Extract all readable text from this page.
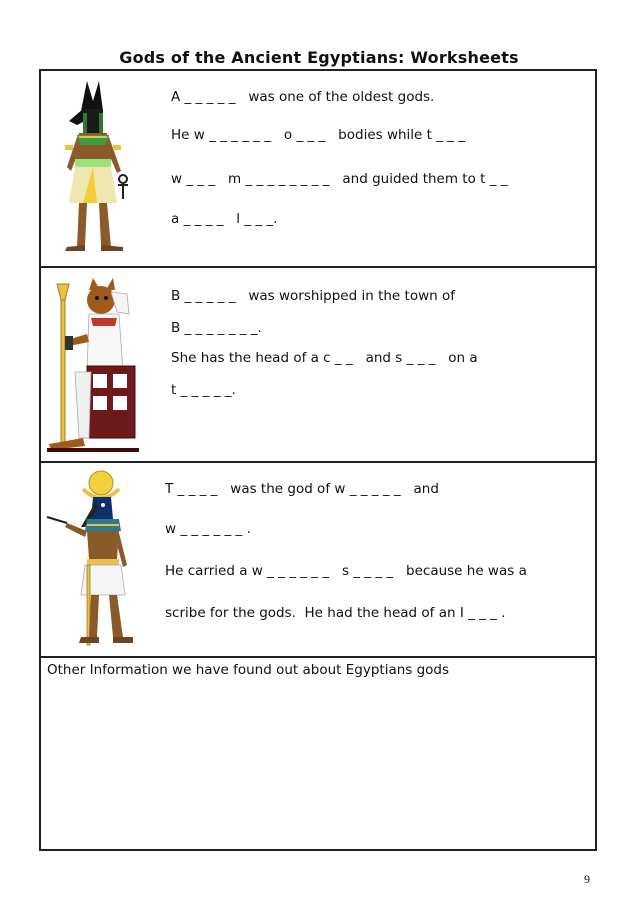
Gods of the Ancient Egyptians: Worksheets
A _ _ _ _ _   was one of the oldest gods.
He w _ _ _ _ _ _   o _ _ _   bodies while t _ _ _
w _ _ _   m _ _ _ _ _ _ _ _   and guided them to t _ _
a _ _ _ _   l _ _ _.
B _ _ _ _ _   was worshipped in the town of
B _ _ _ _ _ _ _.
She has the head of a c _ _   and s _ _ _   on a
t _ _ _ _ _.
T _ _ _ _   was the god of w _ _ _ _ _   and
w _ _ _ _ _ _ .
He carried a w _ _ _ _ _ _   s _ _ _ _   because he was a
scribe for the gods.  He had the head of an I _ _ _ .
Other Information we have found out about Egyptians gods
9
